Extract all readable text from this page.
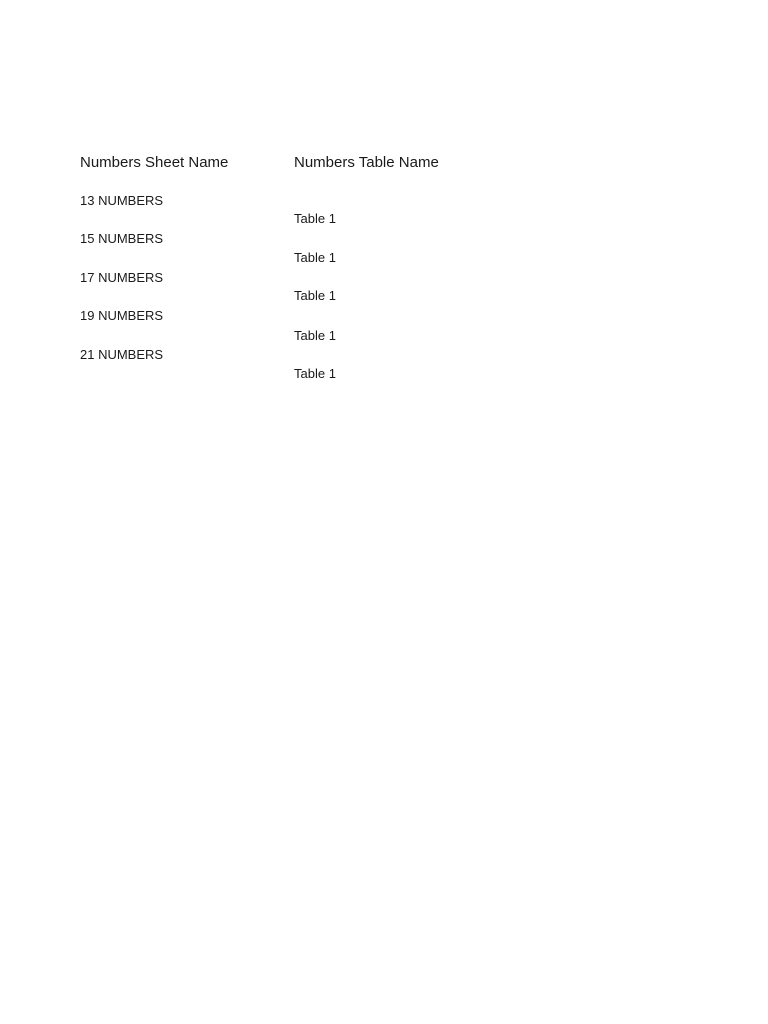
Numbers Sheet Name	Numbers Table Name
13 NUMBERS
Table 1
15 NUMBERS
Table 1
17 NUMBERS
Table 1
19 NUMBERS
Table 1
21 NUMBERS
Table 1
